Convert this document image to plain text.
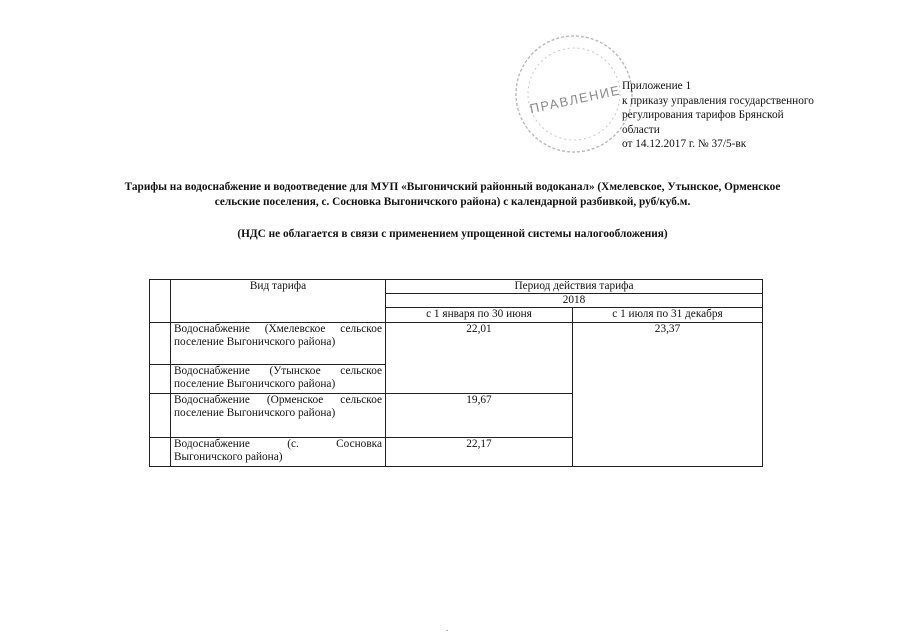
ПРАВЛЕНИЕ Приложение 1
к приказу управления государственного
регулирования тарифов Брянской
области
от 14.12.2017 г. № 37/5-вк
Тарифы на водоснабжение и водоотведение для МУП «Выгоничский районный водоканал» (Хмелевское, Утынское, Орменское
сельские поселения, с. Сосновка Выгоничского района) с календарной разбивкой, руб/куб.м.
(НДС не облагается в связи с применением упрощенной системы налогообложения)
	Вид тарифа	Период действия тарифа	
		2018	
		с 1 января по 30 июня	с 1 июля по 31 декабря
	Водоснабжение (Хмелевское сельское поселение Выгоничского района)	22,01	23,37
	Водоснабжение (Утынское сельское поселение Выгоничского района)		
	Водоснабжение (Орменское сельское поселение Выгоничского района)	19,67	
	Водоснабжение (с. Сосновка Выгоничского района)	22,17	
-
